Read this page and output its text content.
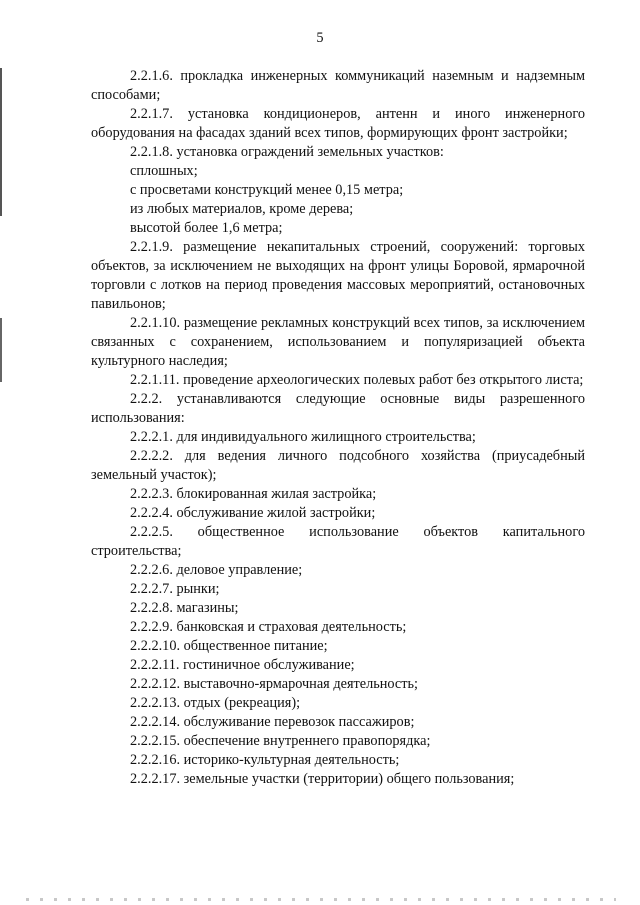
5

2.2.1.6. прокладка инженерных коммуникаций наземным и надземным способами;

2.2.1.7. установка кондиционеров, антенн и иного инженерного оборудования на фасадах зданий всех типов, формирующих фронт застройки;

2.2.1.8. установка ограждений земельных участков:

сплошных;

с просветами конструкций менее 0,15 метра;

из любых материалов, кроме дерева;

высотой более 1,6 метра;

2.2.1.9. размещение некапитальных строений, сооружений: торговых объектов, за исключением не выходящих на фронт улицы Боровой, ярмарочной торговли с лотков на период проведения массовых мероприятий, остановочных павильонов;

2.2.1.10. размещение рекламных конструкций всех типов, за исключением связанных с сохранением, использованием и популяризацией объекта культурного наследия;

2.2.1.11. проведение археологических полевых работ без открытого листа;

2.2.2. устанавливаются следующие основные виды разрешенного использования:

2.2.2.1. для индивидуального жилищного строительства;

2.2.2.2. для ведения личного подсобного хозяйства (приусадебный земельный участок);

2.2.2.3. блокированная жилая застройка;

2.2.2.4. обслуживание жилой застройки;

2.2.2.5. общественное использование объектов капитального строительства;

2.2.2.6. деловое управление;

2.2.2.7. рынки;

2.2.2.8. магазины;

2.2.2.9. банковская и страховая деятельность;

2.2.2.10. общественное питание;

2.2.2.11. гостиничное обслуживание;

2.2.2.12. выставочно-ярмарочная деятельность;

2.2.2.13. отдых (рекреация);

2.2.2.14. обслуживание перевозок пассажиров;

2.2.2.15. обеспечение внутреннего правопорядка;

2.2.2.16. историко-культурная деятельность;

2.2.2.17. земельные участки (территории) общего пользования;
